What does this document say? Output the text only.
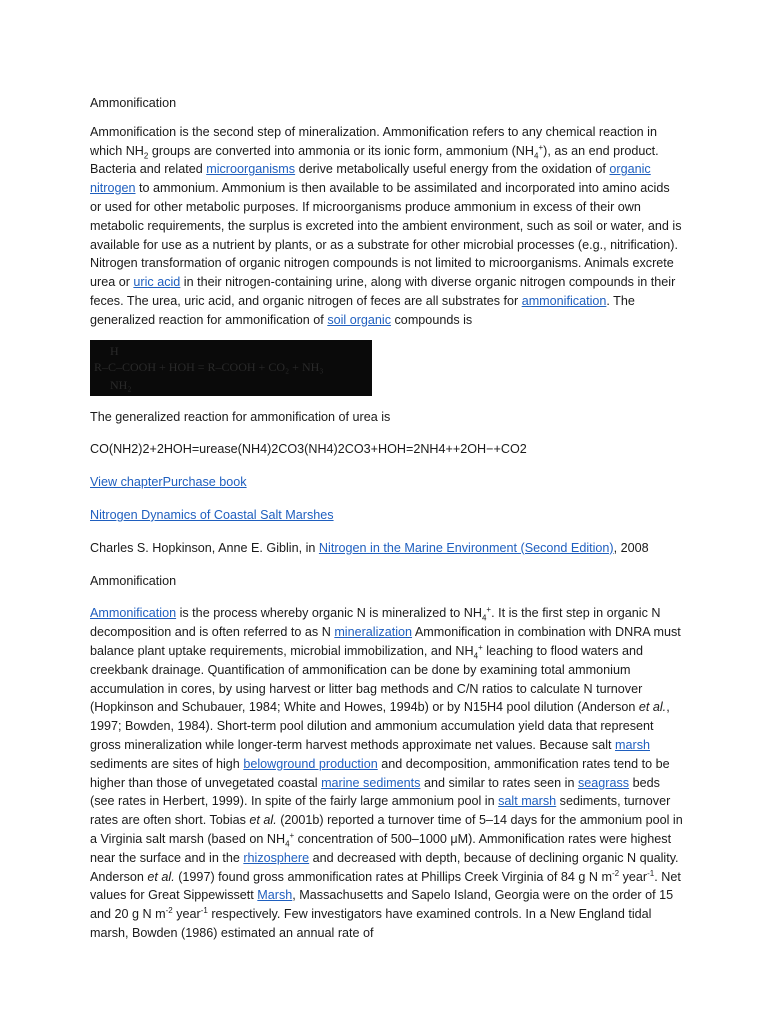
Ammonification

Ammonification is the second step of mineralization. Ammonification refers to any chemical reaction in which $NH_2$ groups are converted into ammonia or its ionic form, ammonium $(NH_4^+)$, as an end product. Bacteria and related microorganisms derive metabolically useful energy from the oxidation of organic nitrogen to ammonium. Ammonium is then available to be assimilated and incorporated into amino acids or used for other metabolic purposes. If microorganisms produce ammonium in excess of their own metabolic requirements, the surplus is excreted into the ambient environment, such as soil or water, and is available for use as a nutrient by plants, or as a substrate for other microbial processes (e.g., nitrification). Nitrogen transformation of organic nitrogen compounds is not limited to microorganisms. Animals excrete urea or uric acid in their nitrogen-containing urine, along with diverse organic nitrogen compounds in their feces. The urea, uric acid, and organic nitrogen of feces are all substrates for ammonification. The generalized reaction for ammonification of soil organic compounds is

H
R–C–COOH + HOH = R–COOH + CO₂ + NH₃
NH₂

The generalized reaction for ammonification of urea is

CO(NH2)2+2HOH=urease(NH4)2CO3(NH4)2CO3+HOH=2NH4++2OH−+CO2

View chapterPurchase book

Nitrogen Dynamics of Coastal Salt Marshes

Charles S. Hopkinson, Anne E. Giblin, in Nitrogen in the Marine Environment (Second Edition), 2008

Ammonification

Ammonification is the process whereby organic N is mineralized to $NH_4^+$. It is the first step in organic N decomposition and is often referred to as N mineralization Ammonification in combination with DNRA must balance plant uptake requirements, microbial immobilization, and $NH_4^+$ leaching to flood waters and creekbank drainage. Quantification of ammonification can be done by examining total ammonium accumulation in cores, by using harvest or litter bag methods and C/N ratios to calculate N turnover (Hopkinson and Schubauer, 1984; White and Howes, 1994b) or by N15H4 pool dilution (Anderson et al., 1997; Bowden, 1984). Short-term pool dilution and ammonium accumulation yield data that represent gross mineralization while longer-term harvest methods approximate net values. Because salt marsh sediments are sites of high belowground production and decomposition, ammonification rates tend to be higher than those of unvegetated coastal marine sediments and similar to rates seen in seagrass beds (see rates in Herbert, 1999). In spite of the fairly large ammonium pool in salt marsh sediments, turnover rates are often short. Tobias et al. (2001b) reported a turnover time of 5–14 days for the ammonium pool in a Virginia salt marsh (based on $NH_4^+$ concentration of 500–1000 μM). Ammonification rates were highest near the surface and in the rhizosphere and decreased with depth, because of declining organic N quality. Anderson et al. (1997) found gross ammonification rates at Phillips Creek Virginia of 84 g N $m^{-2}$ year$^{-1}$. Net values for Great Sippewissett Marsh, Massachusetts and Sapelo Island, Georgia were on the order of 15 and 20 g N $m^{-2}$ year$^{-1}$ respectively. Few investigators have examined controls. In a New England tidal marsh, Bowden (1986) estimated an annual rate of
